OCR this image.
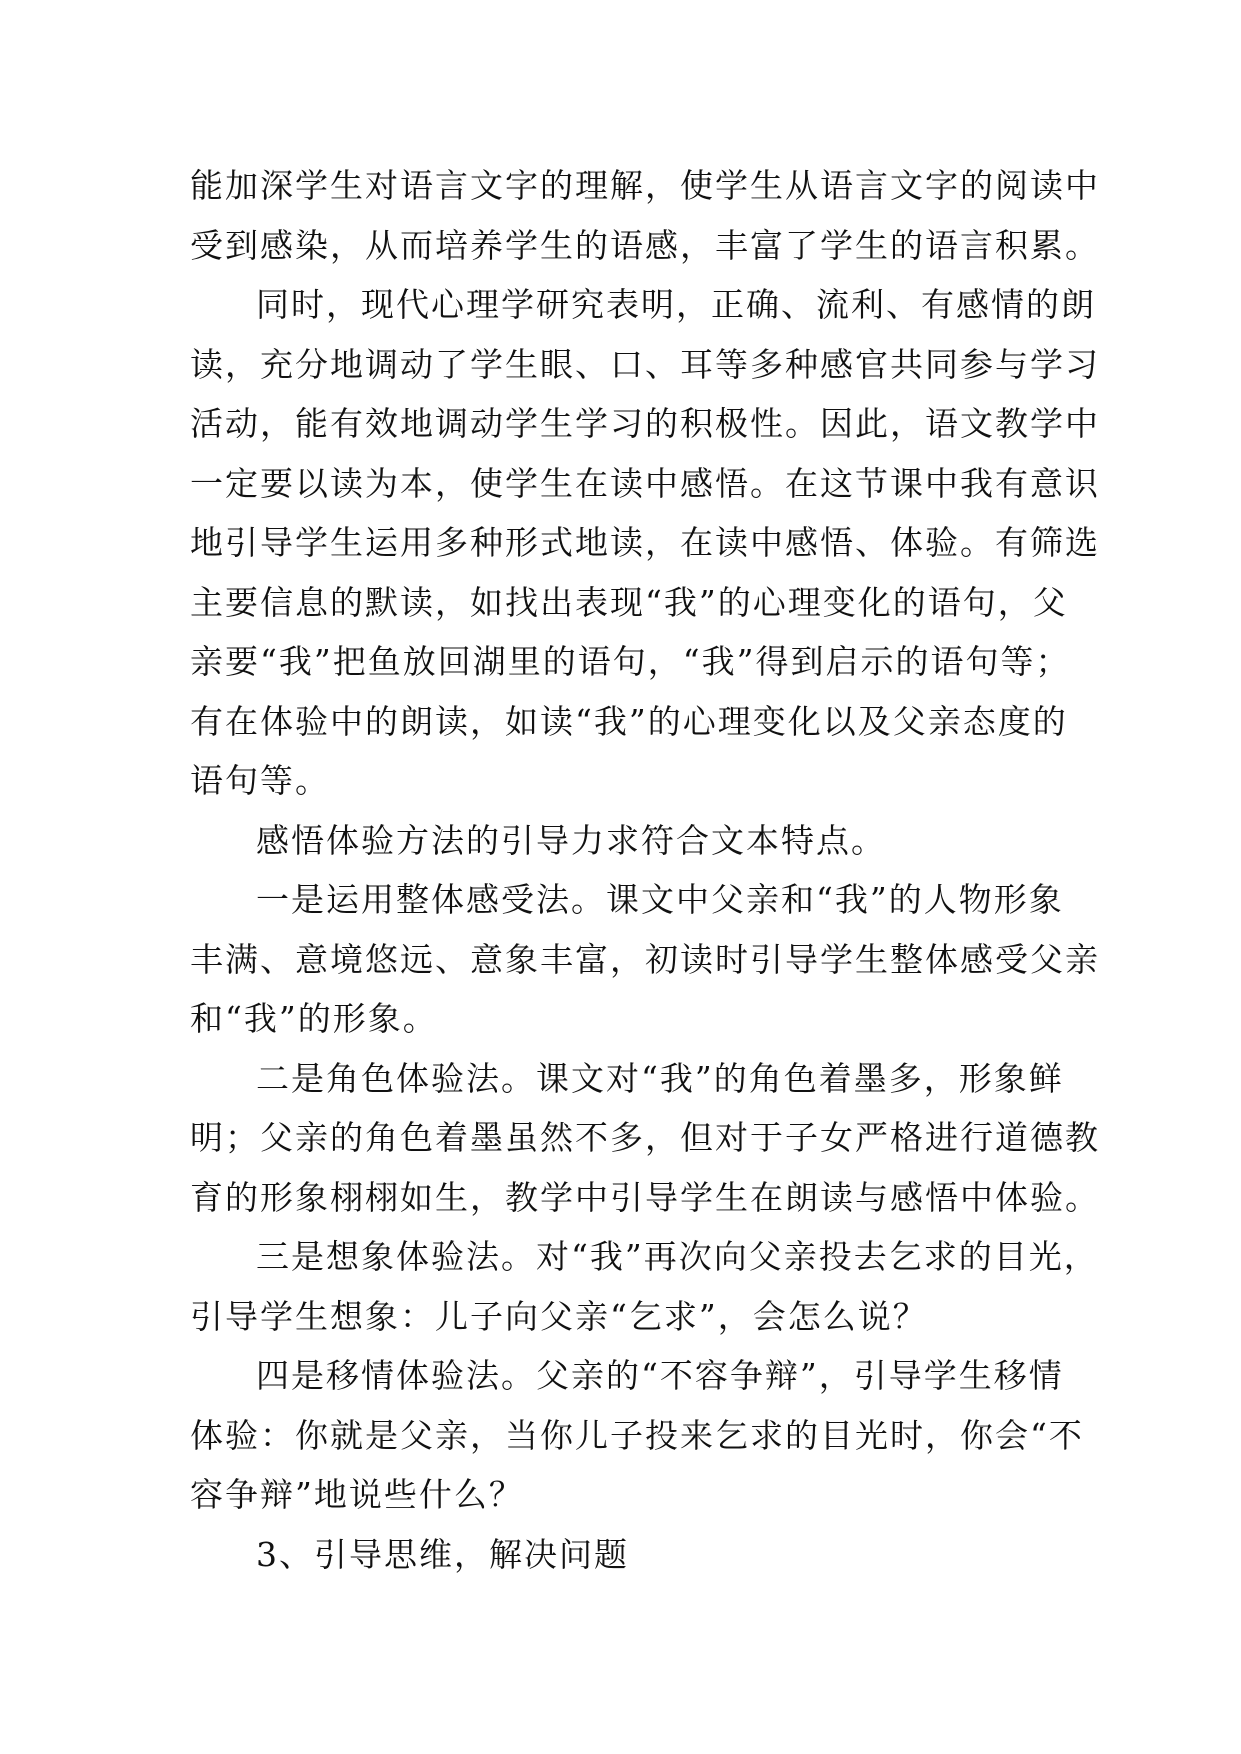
能加深学生对语言文字的理解，使学生从语言文字的阅读中
受到感染，从而培养学生的语感，丰富了学生的语言积累。
同时，现代心理学研究表明，正确、流利、有感情的朗
读，充分地调动了学生眼、口、耳等多种感官共同参与学习
活动，能有效地调动学生学习的积极性。因此，语文教学中
一定要以读为本，使学生在读中感悟。在这节课中我有意识
地引导学生运用多种形式地读，在读中感悟、体验。有筛选
主要信息的默读，如找出表现“我”的心理变化的语句，父
亲要“我”把鱼放回湖里的语句，“我”得到启示的语句等；
有在体验中的朗读，如读“我”的心理变化以及父亲态度的
语句等。
感悟体验方法的引导力求符合文本特点。
一是运用整体感受法。课文中父亲和“我”的人物形象
丰满、意境悠远、意象丰富，初读时引导学生整体感受父亲
和“我”的形象。
二是角色体验法。课文对“我”的角色着墨多，形象鲜
明；父亲的角色着墨虽然不多，但对于子女严格进行道德教
育的形象栩栩如生，教学中引导学生在朗读与感悟中体验。
三是想象体验法。对“我”再次向父亲投去乞求的目光，
引导学生想象：儿子向父亲“乞求”，会怎么说？
四是移情体验法。父亲的“不容争辩”，引导学生移情
体验：你就是父亲，当你儿子投来乞求的目光时，你会“不
容争辩”地说些什么？
3、引导思维，解决问题
